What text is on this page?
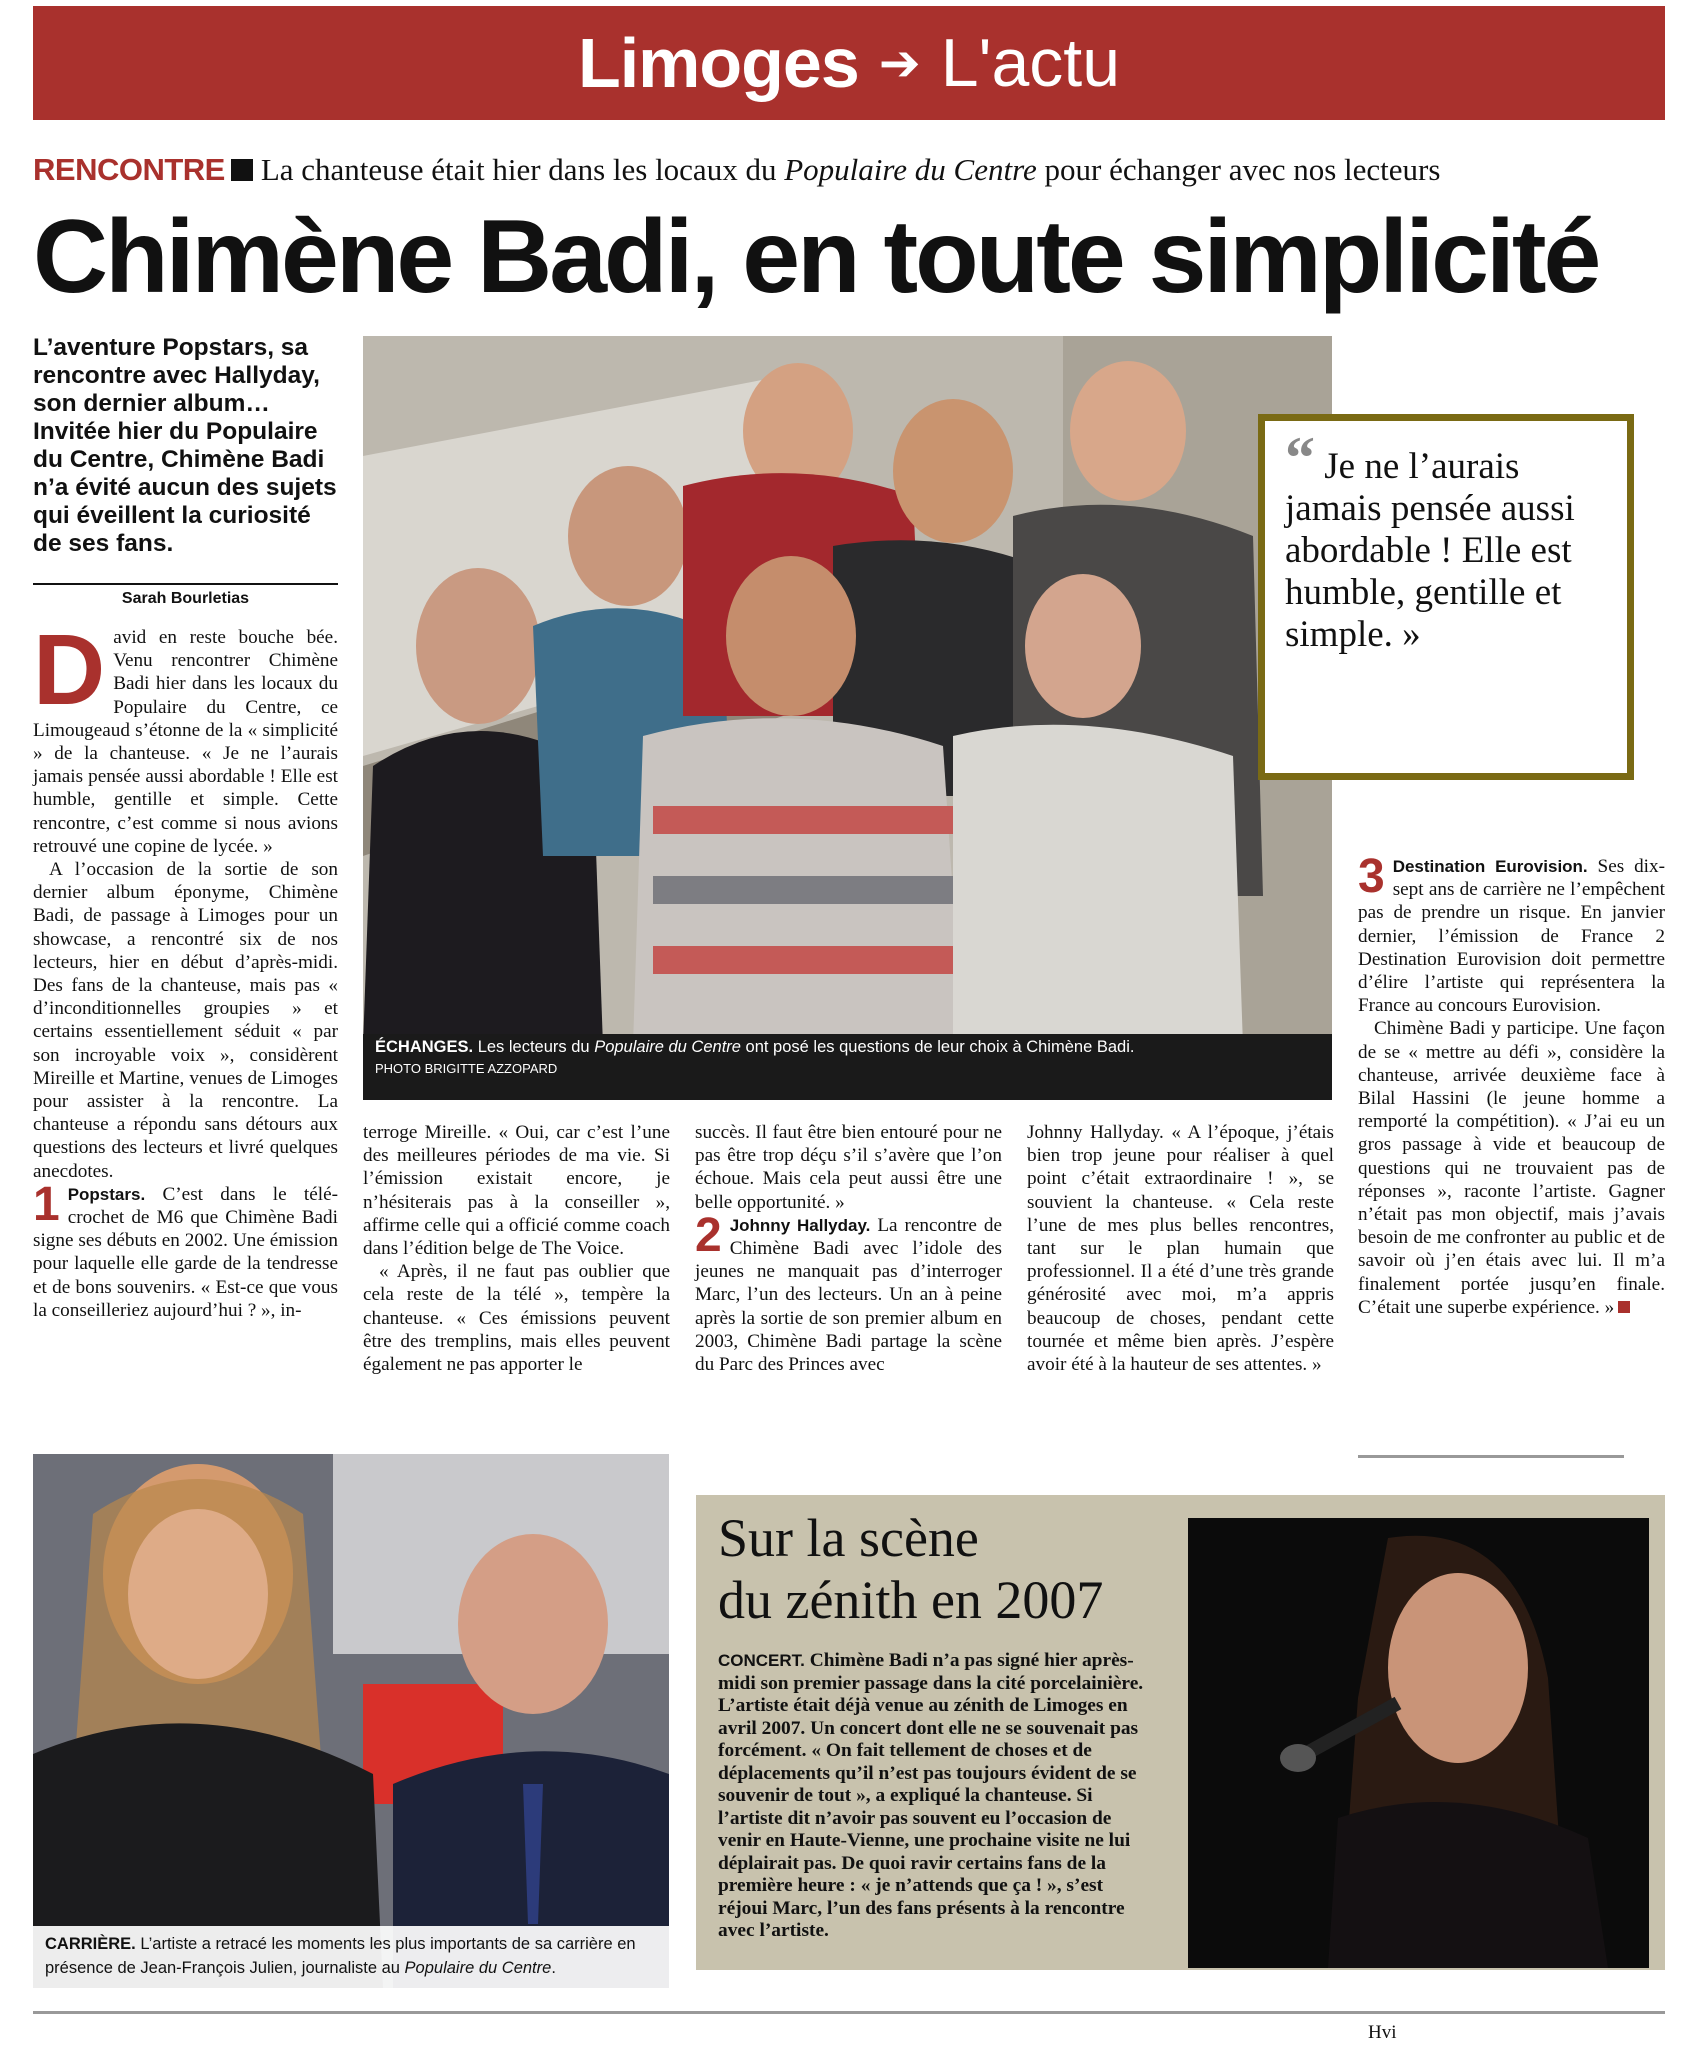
Limoges ➔ L'actu
RENCONTRE La chanteuse était hier dans les locaux du Populaire du Centre pour échanger avec nos lecteurs
Chimène Badi, en toute simplicité
L’aventure Popstars, sa rencontre avec Hallyday, son dernier album… Invitée hier du Populaire du Centre, Chimène Badi n’a évité aucun des sujets qui éveillent la curiosité de ses fans.
Sarah Bourletias

David en reste bouche bée. Venu rencontrer Chimène Badi hier dans les locaux du Populaire du Centre, ce Limougeaud s’étonne de la « simplicité » de la chanteuse. « Je ne l’aurais jamais pensée aussi abordable ! Elle est humble, gentille et simple. Cette rencontre, c’est comme si nous avions retrouvé une copine de lycée. »

A l’occasion de la sortie de son dernier album éponyme, Chimène Badi, de passage à Limoges pour un showcase, a rencontré six de nos lecteurs, hier en début d’après-midi. Des fans de la chanteuse, mais pas « d’inconditionnelles groupies » et certains essentiellement séduit « par son incroyable voix », considèrent Mireille et Martine, venues de Limoges pour assister à la rencontre. La chanteuse a répondu sans détours aux questions des lecteurs et livré quelques anecdotes.

1 Popstars. C’est dans le télé-crochet de M6 que Chimène Badi signe ses débuts en 2002. Une émission pour laquelle elle garde de la tendresse et de bons souvenirs. « Est-ce que vous la conseilleriez aujourd’hui ? », in-

ÉCHANGES. Les lecteurs du Populaire du Centre ont posé les questions de leur choix à Chimène Badi.
PHOTO BRIGITTE AZZOPARD
“ Je ne l’aurais jamais pensée aussi abordable ! Elle est humble, gentille et simple. »

terroge Mireille. « Oui, car c’est l’une des meilleures périodes de ma vie. Si l’émission existait encore, je n’hésiterais pas à la conseiller », affirme celle qui a officié comme coach dans l’édition belge de The Voice.

« Après, il ne faut pas oublier que cela reste de la télé », tempère la chanteuse. « Ces émissions peuvent être des tremplins, mais elles peuvent également ne pas apporter le

succès. Il faut être bien entouré pour ne pas être trop déçu s’il s’avère que l’on échoue. Mais cela peut aussi être une belle opportunité. »

2 Johnny Hallyday. La rencontre de Chimène Badi avec l’idole des jeunes ne manquait pas d’interroger Marc, l’un des lecteurs. Un an à peine après la sortie de son premier album en 2003, Chimène Badi partage la scène du Parc des Princes avec

Johnny Hallyday. « A l’époque, j’étais bien trop jeune pour réaliser à quel point c’était extraordinaire ! », se souvient la chanteuse. « Cela reste l’une de mes plus belles rencontres, tant sur le plan humain que professionnel. Il a été d’une très grande générosité avec moi, m’a appris beaucoup de choses, pendant cette tournée et même bien après. J’espère avoir été à la hauteur de ses attentes. »

3 Destination Eurovision. Ses dix-sept ans de carrière ne l’empêchent pas de prendre un risque. En janvier dernier, l’émission de France 2 Destination Eurovision doit permettre d’élire l’artiste qui représentera la France au concours Eurovision.

Chimène Badi y participe. Une façon de se « mettre au défi », considère la chanteuse, arrivée deuxième face à Bilal Hassini (le jeune homme a remporté la compétition). « J’ai eu un gros passage à vide et beaucoup de questions qui ne trouvaient pas de réponses », raconte l’artiste. Gagner n’était pas mon objectif, mais j’avais besoin de me confronter au public et de savoir où j’en étais avec lui. Il m’a finalement portée jusqu’en finale. C’était une superbe expérience. »

CARRIÈRE. L’artiste a retracé les moments les plus importants de sa carrière en présence de Jean-François Julien, journaliste au Populaire du Centre.
Sur la scène
du zénith en 2007
CONCERT. Chimène Badi n’a pas signé hier après-midi son premier passage dans la cité porcelainière. L’artiste était déjà venue au zénith de Limoges en avril 2007. Un concert dont elle ne se souvenait pas forcément. « On fait tellement de choses et de déplacements qu’il n’est pas toujours évident de se souvenir de tout », a expliqué la chanteuse. Si l’artiste dit n’avoir pas souvent eu l’occasion de venir en Haute-Vienne, une prochaine visite ne lui déplairait pas. De quoi ravir certains fans de la première heure : « je n’attends que ça ! », s’est réjoui Marc, l’un des fans présents à la rencontre avec l’artiste.
Hvi
